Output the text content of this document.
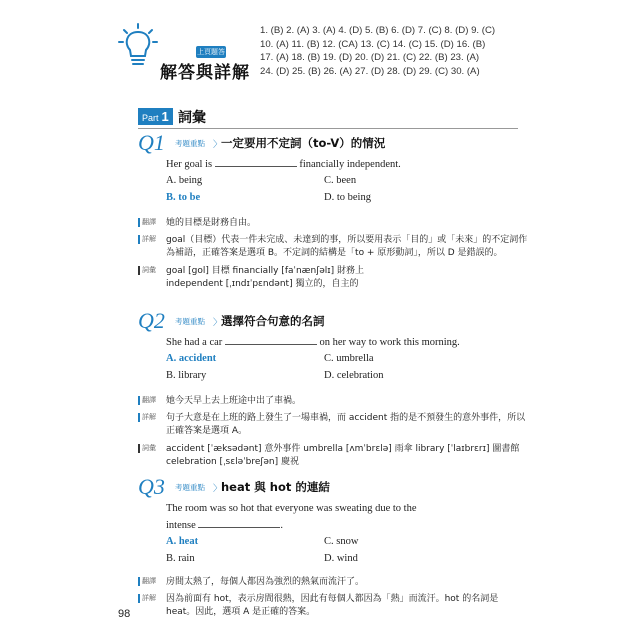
上頁題答
解答與詳解
1. (B) 2. (A) 3. (A) 4. (D) 5. (B) 6. (D) 7. (C) 8. (D) 9. (C)
10. (A) 11. (B) 12. (CA) 13. (C) 14. (C) 15. (D) 16. (B)
17. (A) 18. (B) 19. (D) 20. (D) 21. (C) 22. (B) 23. (A)
24. (D) 25. (B) 26. (A) 27. (D) 28. (D) 29. (C) 30. (A)
Part 1 詞彙
Q1 考題重點 〉
一定要用不定詞（to-V）的情況
Her goal is	financially independent.
A. being	C. been
B. to be	D. to being
翻譯 她的目標是財務自由。
詳解 goal（目標）代表一件未完成、未達到的事，所以要用表示「目的」或「未來」的不定詞作為補語，正確答案是選項 B。不定詞的結構是「to + 原形動詞」，所以 D 是錯誤的。
詞彙 goal [gol] 目標 financially [faˈnænʃəlɪ] 財務上
independent [ˌɪndɪˈpɛndənt] 獨立的，自主的
Q2 考題重點 〉
選擇符合句意的名詞
She had a car	on her way to work this morning.
A. accident	C. umbrella
B. library	D. celebration
翻譯 她今天早上去上班途中出了車禍。
詳解 句子大意是在上班的路上發生了一場車禍，而 accident 指的是不預發生的意外事件，所以正確答案是選項 A。
詞彙 accident [ˈæksədənt] 意外事件 umbrella [ʌmˈbrɛlə] 雨傘 library [ˈlaɪbrɛrɪ] 圖書館
celebration [ˌsɛləˈbreʃən] 慶祝
Q3 考題重點 〉
heat 與 hot 的連結
The room was so hot that everyone was sweating due to the
intense	.
A. heat	C. snow
B. rain	D. wind
翻譯 房間太熱了，每個人都因為強烈的熱氣而流汗了。
詳解 因為前面有 hot，表示房間很熱，因此有每個人都因為「熱」而流汗。hot 的名詞是 heat。因此，選項 A 是正確的答案。
98
